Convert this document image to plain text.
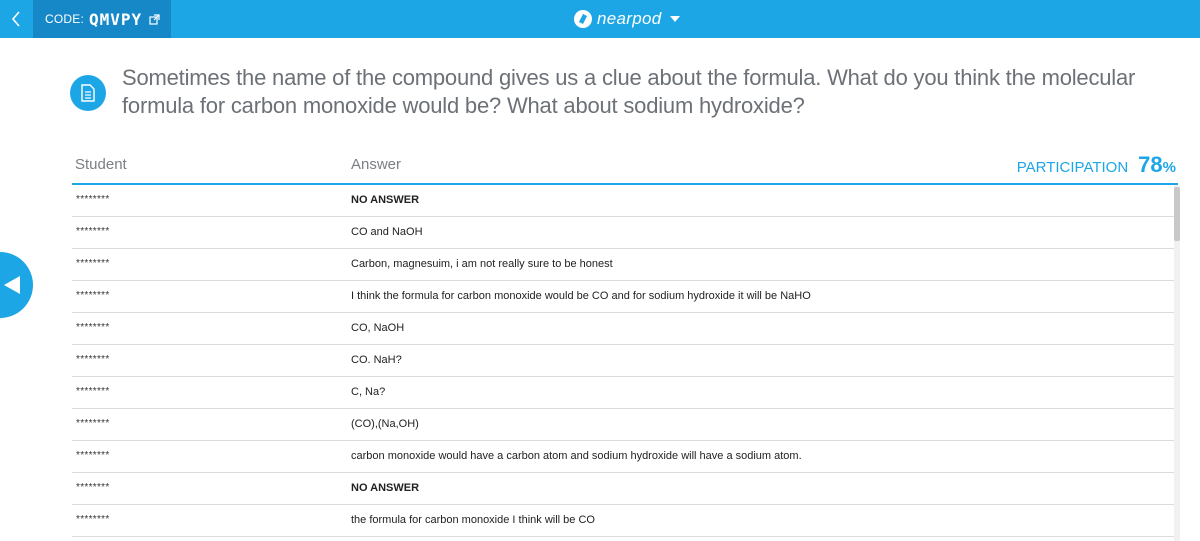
CODE: QMVPY	nearpod
Sometimes the name of the compound gives us a clue about the formula. What do you think the molecular formula for carbon monoxide would be? What about sodium hydroxide?
Student	Answer	PARTICIPATION 78 %
********	NO ANSWER
********	CO and NaOH
********	Carbon, magnesuim, i am not really sure to be honest
********	I think the formula for carbon monoxide would be CO and for sodium hydroxide it will be NaHO
********	CO, NaOH
********	CO. NaH?
********	C, Na?
********	(CO),(Na,OH)
********	carbon monoxide would have a carbon atom and sodium hydroxide will have a sodium atom.
********	NO ANSWER
********	the formula for carbon monoxide I think will be CO
